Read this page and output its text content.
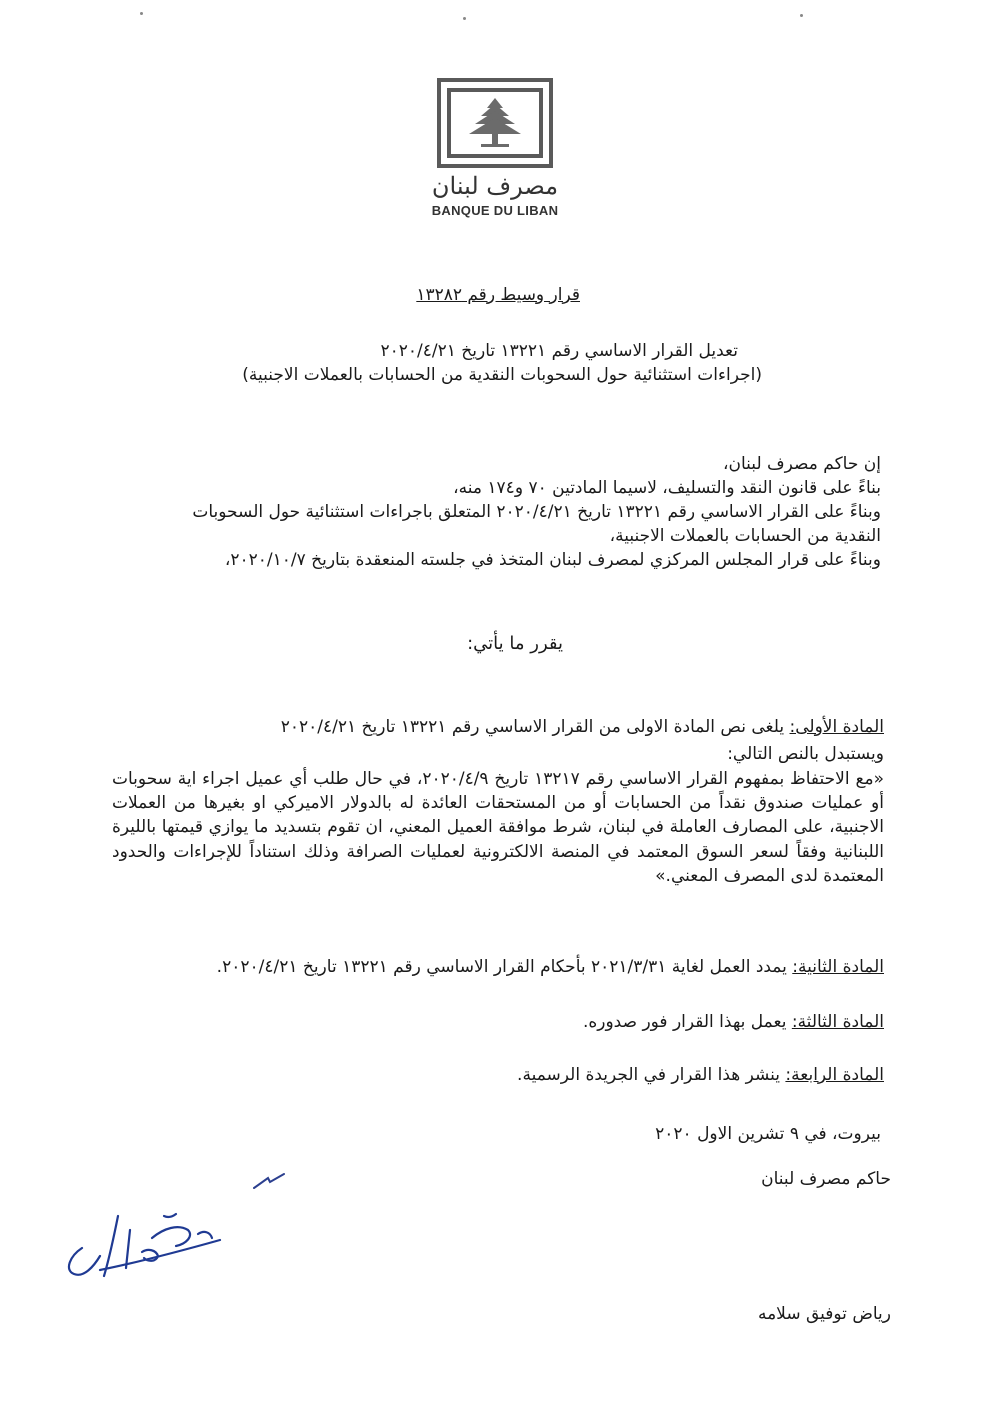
مصرف لبنان
BANQUE DU LIBAN
قرار وسيط رقم ١٣٢٨٢
تعديل القرار الاساسي رقم ١٣٢٢١ تاريخ ٢٠٢٠/٤/٢١
(اجراءات استثنائية حول السحوبات النقدية من الحسابات بالعملات الاجنبية)
إن حاكم مصرف لبنان،
بناءً على قانون النقد والتسليف، لاسيما المادتين ٧٠ و١٧٤ منه،
وبناءً على القرار الاساسي رقم ١٣٢٢١ تاريخ ٢٠٢٠/٤/٢١ المتعلق باجراءات استثنائية حول السحوبات
النقدية من الحسابات بالعملات الاجنبية،
وبناءً على قرار المجلس المركزي لمصرف لبنان المتخذ في جلسته المنعقدة بتاريخ ٢٠٢٠/١٠/٧،
يقرر ما يأتي:
المادة الأولى: يلغى نص المادة الاولى من القرار الاساسي رقم ١٣٢٢١ تاريخ ٢٠٢٠/٤/٢١
ويستبدل بالنص التالي:
«مع الاحتفاظ بمفهوم القرار الاساسي رقم ١٣٢١٧ تاريخ ٢٠٢٠/٤/٩، في حال طلب أي عميل اجراء اية سحوبات أو عمليات صندوق نقداً من الحسابات أو من المستحقات العائدة له بالدولار الاميركي او بغيرها من العملات الاجنبية، على المصارف العاملة في لبنان، شرط موافقة العميل المعني، ان تقوم بتسديد ما يوازي قيمتها بالليرة اللبنانية وفقاً لسعر السوق المعتمد في المنصة الالكترونية لعمليات الصرافة وذلك استناداً للإجراءات والحدود المعتمدة لدى المصرف المعني.»
المادة الثانية: يمدد العمل لغاية ٢٠٢١/٣/٣١ بأحكام القرار الاساسي رقم ١٣٢٢١ تاريخ ٢٠٢٠/٤/٢١.
المادة الثالثة: يعمل بهذا القرار فور صدوره.
المادة الرابعة: ينشر هذا القرار في الجريدة الرسمية.
بيروت، في ٩ تشرين الاول ٢٠٢٠
حاكم مصرف لبنان
رياض توفيق سلامه
